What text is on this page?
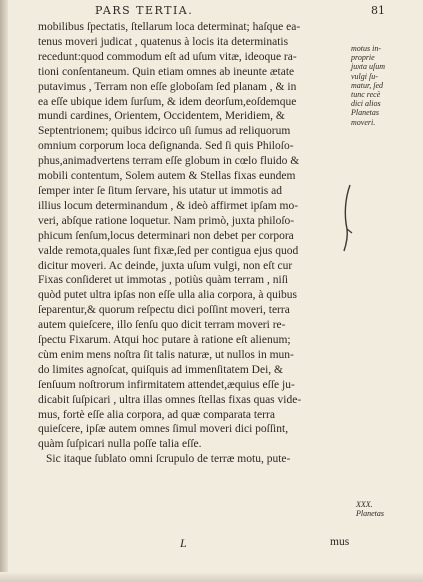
PARS TERTIA.	81
mobilibus ſpectatis, ſtellarum loca determinat; haſque ea-
tenus moveri judicat , quatenus à locis ita determinatis
recedunt:quod commodum eſt ad uſum vitæ, ideoque ra-
tioni conſentaneum. Quin etiam omnes ab ineunte ætate
putavimus , Terram non eſſe globoſam ſed planam , & in
ea eſſe ubique idem ſurſum, & idem deorſum,eoſdemque
mundi cardines, Orientem, Occidentem, Meridiem, &
Septentrionem; quibus idcirco uſi ſumus ad reliquorum
omnium corporum loca deſignanda. Sed ſi quis Philoſo-
phus,animadvertens terram eſſe globum in cœlo fluido &
mobili contentum, Solem autem & Stellas fixas eundem
ſemper inter ſe ſitum ſervare, his utatur ut immotis ad
illius locum determinandum , & ideò affirmet ipſam mo-
veri, abſque ratione loquetur. Nam primò, juxta philoſo-
phicum ſenſum,locus determinari non debet per corpora
valde remota,quales ſunt fixæ,ſed per contigua ejus quod
dicitur moveri. Ac deinde, juxta uſum vulgi, non eſt cur
Fixas conſideret ut immotas , potiùs quàm terram , niſi
quòd putet ultra ipſas non eſſe ulla alia corpora, à quibus
ſeparentur,& quorum reſpectu dici poſſint moveri, terra
autem quieſcere, illo ſenſu quo dicit terram moveri re-
ſpectu Fixarum. Atqui hoc putare à ratione eſt alienum;
cùm enim mens noſtra ſit talis naturæ, ut nullos in mun-
do limites agnoſcat, quiſquis ad immenſitatem Dei, &
ſenſuum noſtrorum infirmitatem attendet,æquius eſſe ju-
dicabit ſuſpicari , ultra illas omnes ſtellas fixas quas vide-
mus, fortè eſſe alia corpora, ad quæ comparata terra
quieſcere, ipſæ autem omnes ſimul moveri dici poſſint,
quàm ſuſpicari nulla poſſe talia eſſe.
Sic itaque ſublato omni ſcrupulo de terræ motu, pute-
motus in-
proprie
juxta uſum
vulgi ſu-
matur, ſed
tunc recè
dici alios
Planetas
moveri.
XXX.
Planetas
L	mus
